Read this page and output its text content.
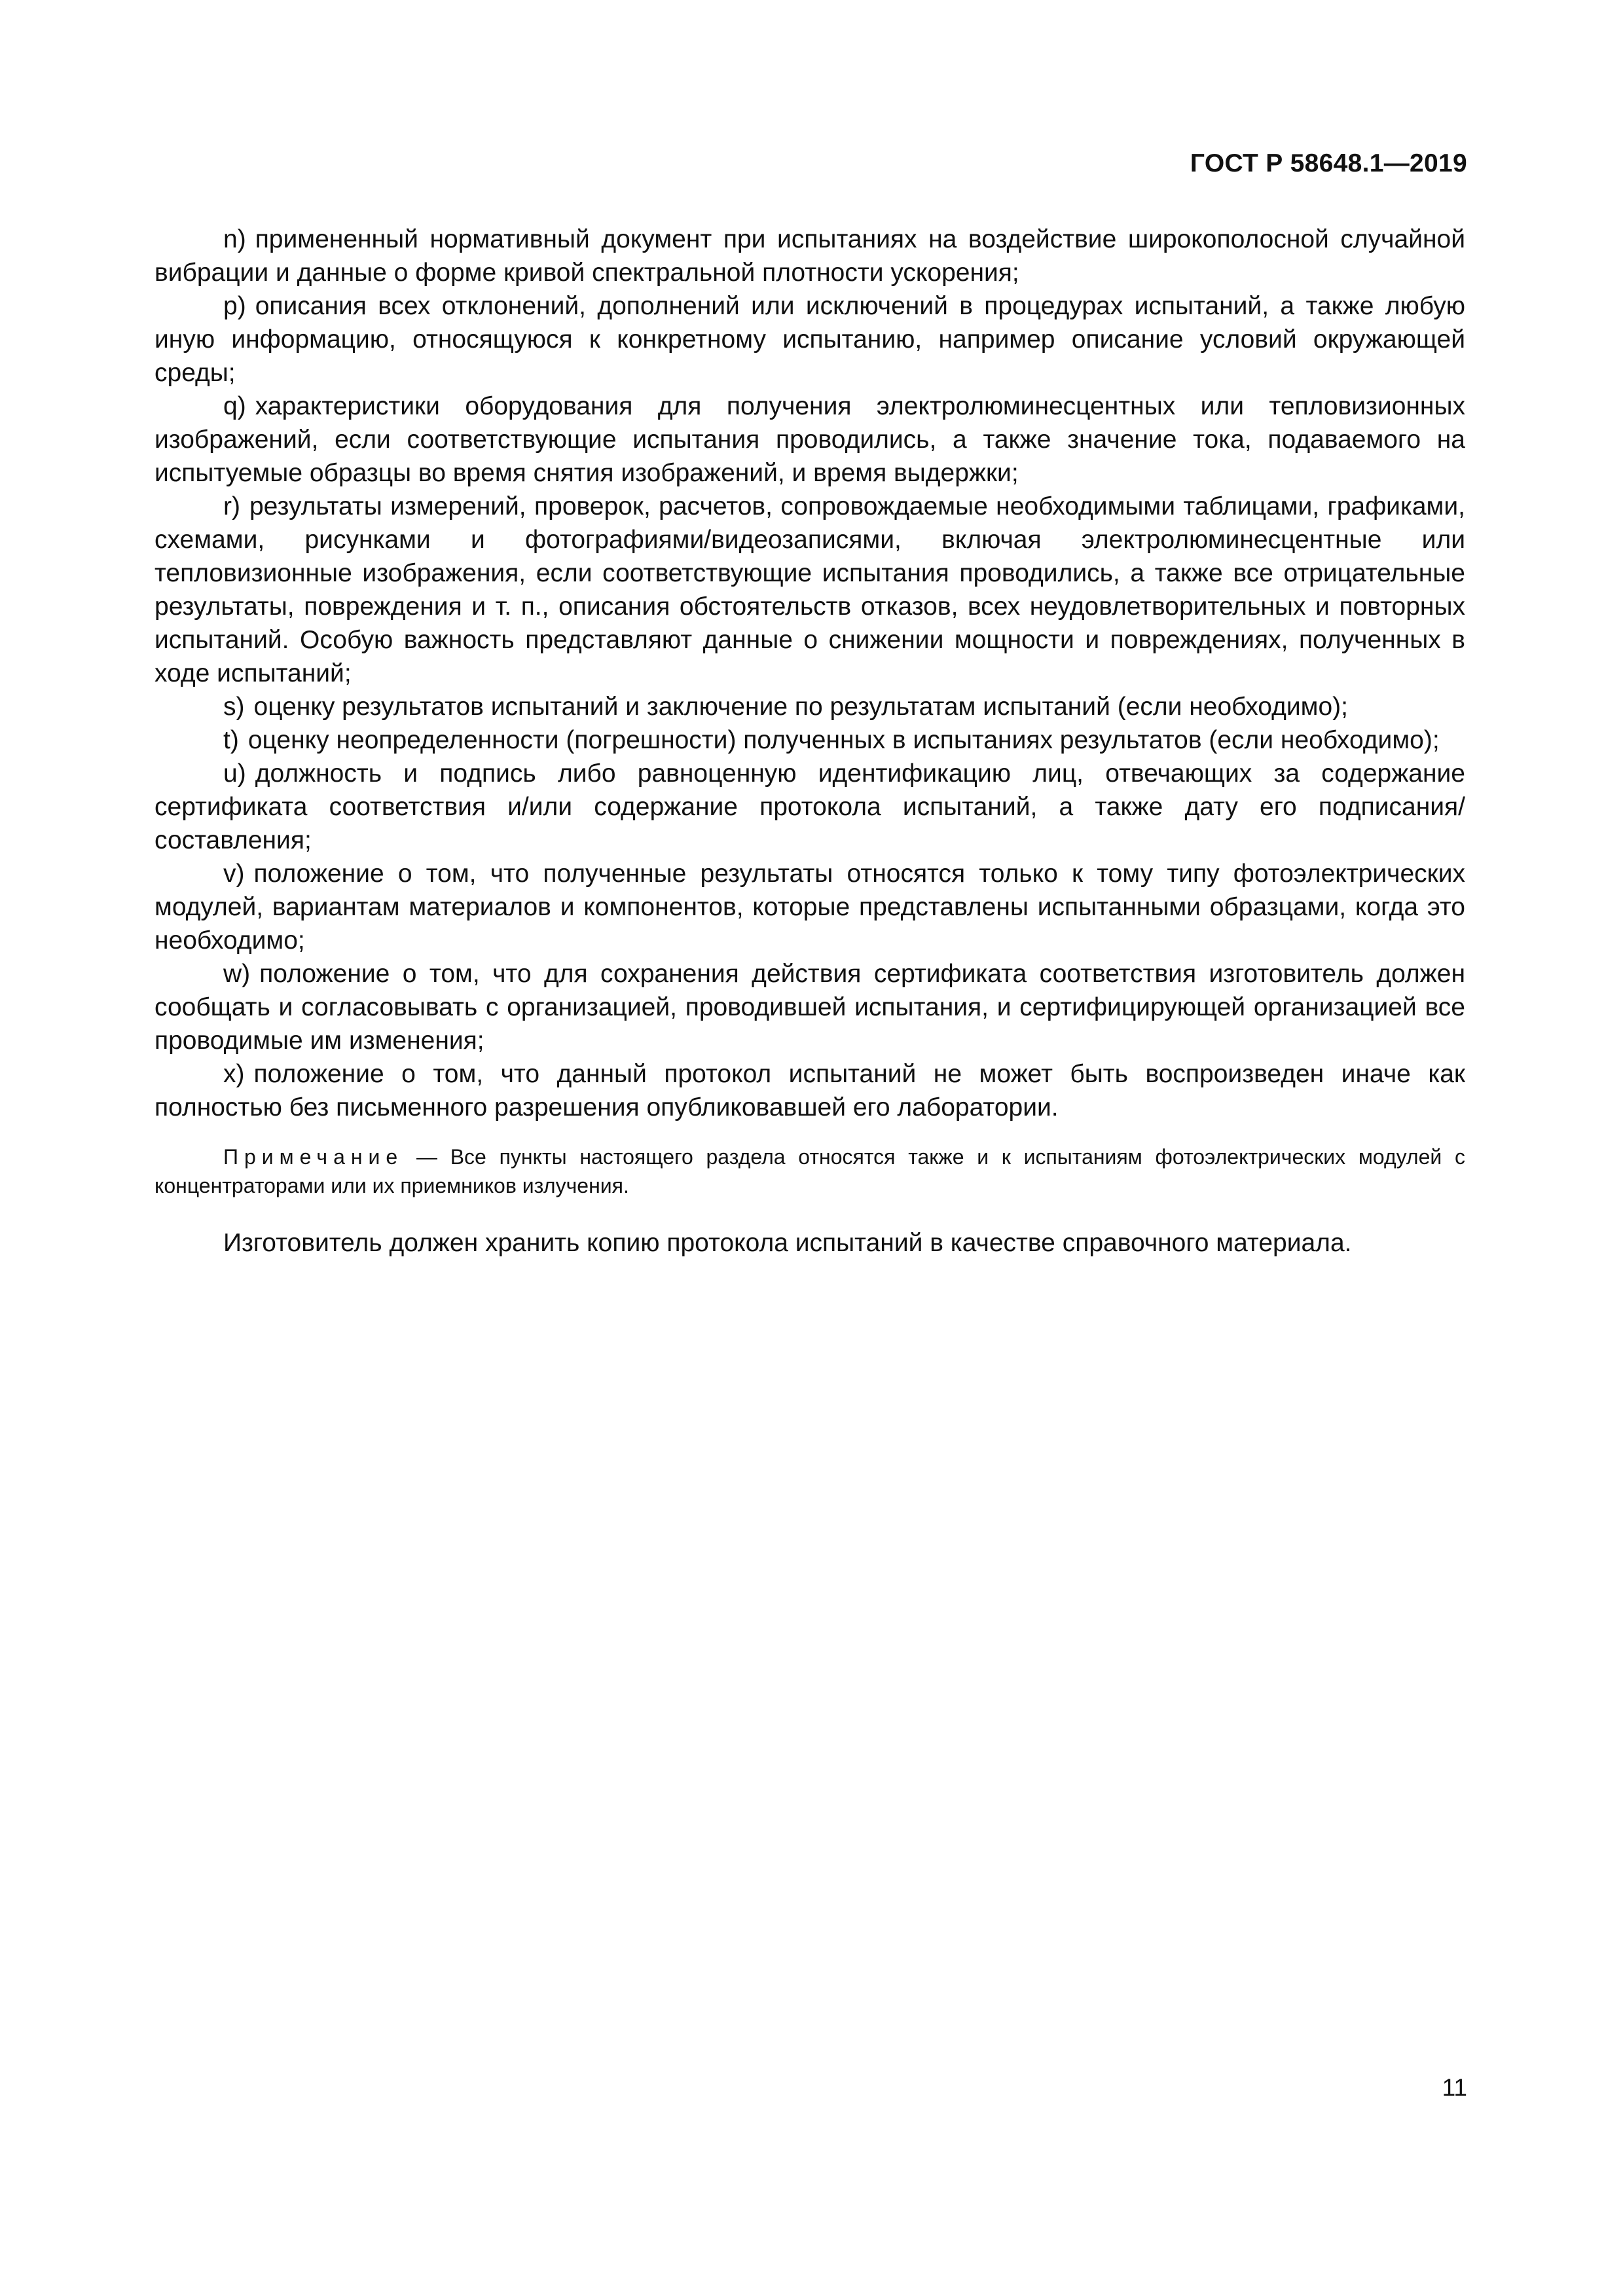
ГОСТ Р 58648.1—2019

n) примененный нормативный документ при испытаниях на воздействие широкополосной случайной вибрации и данные о форме кривой спектральной плотности ускорения;

p) описания всех отклонений, дополнений или исключений в процедурах испытаний, а также любую иную информацию, относящуюся к конкретному испытанию, например описание условий окружающей среды;

q) характеристики оборудования для получения электролюминесцентных или тепловизионных изображений, если соответствующие испытания проводились, а также значение тока, подаваемого на испытуемые образцы во время снятия изображений, и время выдержки;

r) результаты измерений, проверок, расчетов, сопровождаемые необходимыми таблицами, графиками, схемами, рисунками и фотографиями/видеозаписями, включая электролюминесцентные или тепловизионные изображения, если соответствующие испытания проводились, а также все отрицательные результаты, повреждения и т. п., описания обстоятельств отказов, всех неудовлетворительных и повторных испытаний. Особую важность представляют данные о снижении мощности и повреждениях, полученных в ходе испытаний;

s) оценку результатов испытаний и заключение по результатам испытаний (если необходимо);

t) оценку неопределенности (погрешности) полученных в испытаниях результатов (если необходимо);

u) должность и подпись либо равноценную идентификацию лиц, отвечающих за содержание сертификата соответствия и/или содержание протокола испытаний, а также дату его подписания/составления;

v) положение о том, что полученные результаты относятся только к тому типу фотоэлектрических модулей, вариантам материалов и компонентов, которые представлены испытанными образцами, когда это необходимо;

w) положение о том, что для сохранения действия сертификата соответствия изготовитель должен сообщать и согласовывать с организацией, проводившей испытания, и сертифицирующей организацией все проводимые им изменения;

x) положение о том, что данный протокол испытаний не может быть воспроизведен иначе как полностью без письменного разрешения опубликовавшей его лаборатории.

Примечание — Все пункты настоящего раздела относятся также и к испытаниям фотоэлектрических модулей с концентраторами или их приемников излучения.

Изготовитель должен хранить копию протокола испытаний в качестве справочного материала.

11
